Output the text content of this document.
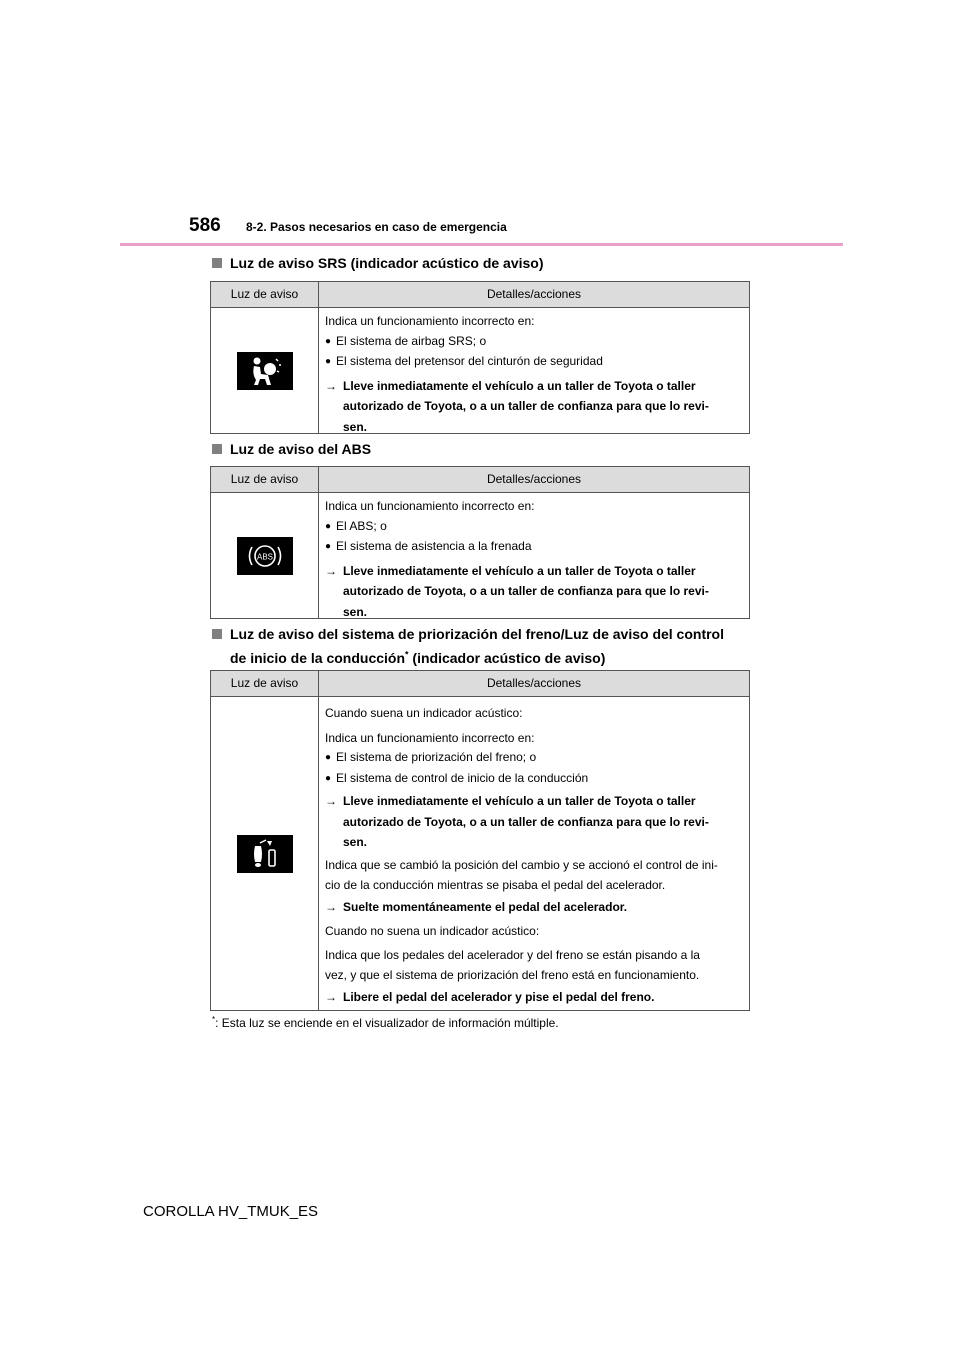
586 8-2. Pasos necesarios en caso de emergencia
Luz de aviso SRS (indicador acústico de aviso)
Luz de aviso	Detalles/acciones
Indica un funcionamiento incorrecto en:
● El sistema de airbag SRS; o
● El sistema del pretensor del cinturón de seguridad
→ Lleve inmediatamente el vehículo a un taller de Toyota o taller
autorizado de Toyota, o a un taller de confianza para que lo revi-
sen.
Luz de aviso del ABS
Luz de aviso	Detalles/acciones
ABS
Indica un funcionamiento incorrecto en:
● El ABS; o
● El sistema de asistencia a la frenada
→ Lleve inmediatamente el vehículo a un taller de Toyota o taller
autorizado de Toyota, o a un taller de confianza para que lo revi-
sen.
Luz de aviso del sistema de priorización del freno/Luz de aviso del control
de inicio de la conducción* (indicador acústico de aviso)
Luz de aviso	Detalles/acciones
Cuando suena un indicador acústico:
Indica un funcionamiento incorrecto en:
● El sistema de priorización del freno; o
● El sistema de control de inicio de la conducción
→ Lleve inmediatamente el vehículo a un taller de Toyota o taller
autorizado de Toyota, o a un taller de confianza para que lo revi-
sen.
Indica que se cambió la posición del cambio y se accionó el control de ini-
cio de la conducción mientras se pisaba el pedal del acelerador.
→ Suelte momentáneamente el pedal del acelerador.
Cuando no suena un indicador acústico:
Indica que los pedales del acelerador y del freno se están pisando a la
vez, y que el sistema de priorización del freno está en funcionamiento.
→ Libere el pedal del acelerador y pise el pedal del freno.
*: Esta luz se enciende en el visualizador de información múltiple.
COROLLA HV_TMUK_ES
